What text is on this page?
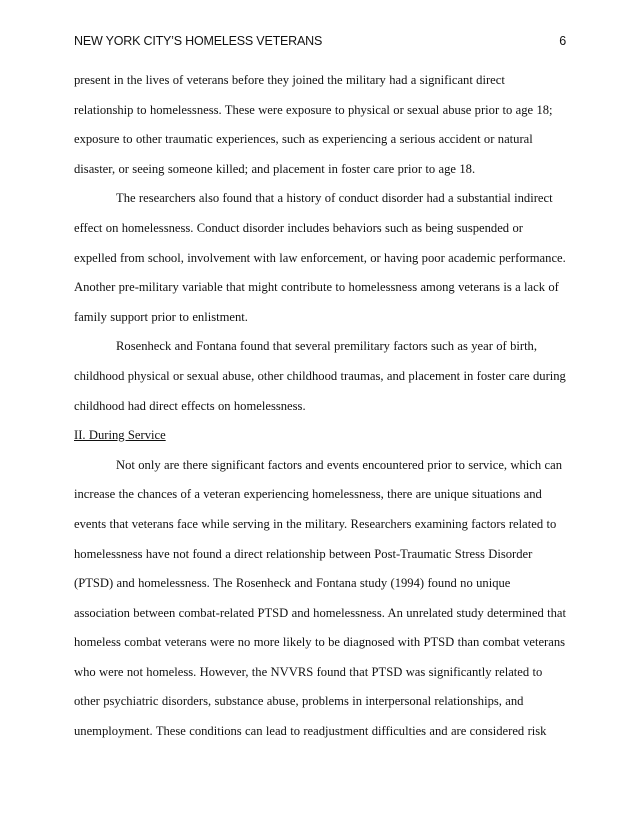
NEW YORK CITY’S HOMELESS VETERANS	6

present in the lives of veterans before they joined the military had a significant direct relationship to homelessness. These were exposure to physical or sexual abuse prior to age 18; exposure to other traumatic experiences, such as experiencing a serious accident or natural disaster, or seeing someone killed; and placement in foster care prior to age 18.

The researchers also found that a history of conduct disorder had a substantial indirect effect on homelessness. Conduct disorder includes behaviors such as being suspended or expelled from school, involvement with law enforcement, or having poor academic performance. Another pre-military variable that might contribute to homelessness among veterans is a lack of family support prior to enlistment.

Rosenheck and Fontana found that several premilitary factors such as year of birth, childhood physical or sexual abuse, other childhood traumas, and placement in foster care during childhood had direct effects on homelessness.

II. During Service

Not only are there significant factors and events encountered prior to service, which can increase the chances of a veteran experiencing homelessness, there are unique situations and events that veterans face while serving in the military. Researchers examining factors related to homelessness have not found a direct relationship between Post-Traumatic Stress Disorder (PTSD) and homelessness. The Rosenheck and Fontana study (1994) found no unique association between combat-related PTSD and homelessness. An unrelated study determined that homeless combat veterans were no more likely to be diagnosed with PTSD than combat veterans who were not homeless. However, the NVVRS found that PTSD was significantly related to other psychiatric disorders, substance abuse, problems in interpersonal relationships, and unemployment. These conditions can lead to readjustment difficulties and are considered risk
